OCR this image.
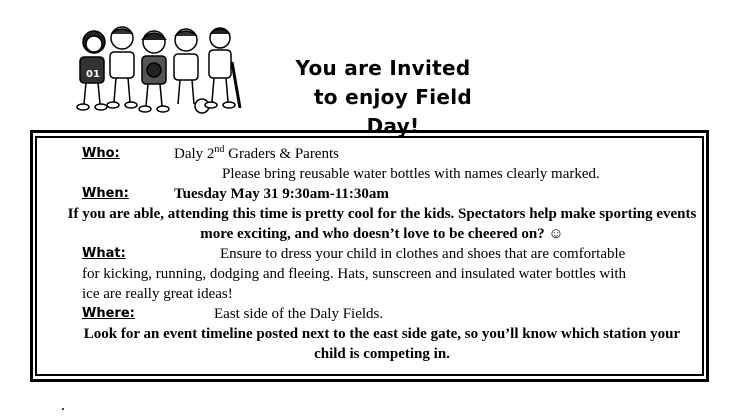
01	You are Invited
to enjoy Field Day!
Who:	Daly 2nd Graders & Parents
Please bring reusable water bottles with names clearly marked.
When:	Tuesday May 31 9:30am-11:30am
If you are able, attending this time is pretty cool for the kids. Spectators help make sporting events more exciting, and who doesn’t love to be cheered on? ☺
What:	Ensure to dress your child in clothes and shoes that are comfortable
for kicking, running, dodging and fleeing. Hats, sunscreen and insulated water bottles with ice are really great ideas!
Where:	East side of the Daly Fields.
Look for an event timeline posted next to the east side gate, so you’ll know which station your child is competing in.
